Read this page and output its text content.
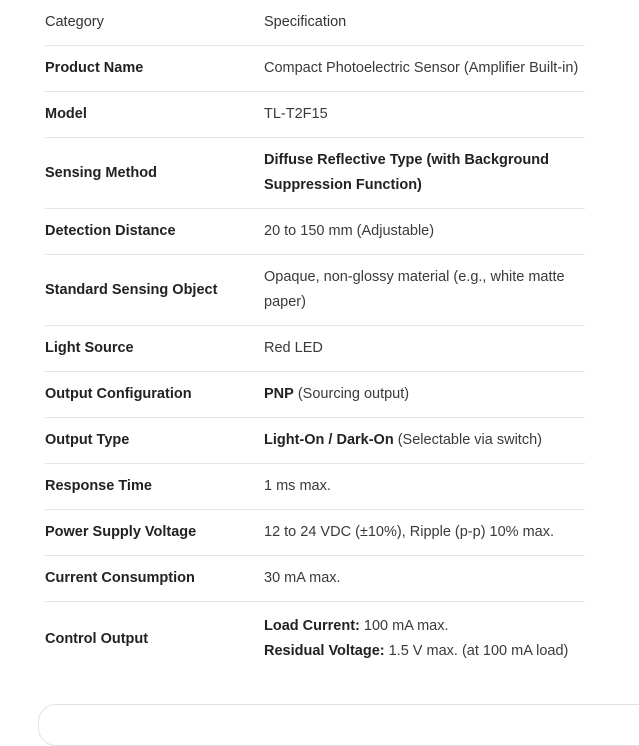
Category	Specification
Product Name	Compact Photoelectric Sensor (Amplifier Built-in)
Model	TL-T2F15
Sensing Method	Diffuse Reflective Type (with Background Suppression Function)
Detection Distance	20 to 150 mm (Adjustable)
Standard Sensing Object	Opaque, non-glossy material (e.g., white matte paper)
Light Source	Red LED
Output Configuration	PNP (Sourcing output)
Output Type	Light-On / Dark-On (Selectable via switch)
Response Time	1 ms max.
Power Supply Voltage	12 to 24 VDC (±10%), Ripple (p-p) 10% max.
Current Consumption	30 mA max.
Control Output	Load Current: 100 mA max.
Residual Voltage: 1.5 V max. (at 100 mA load)
